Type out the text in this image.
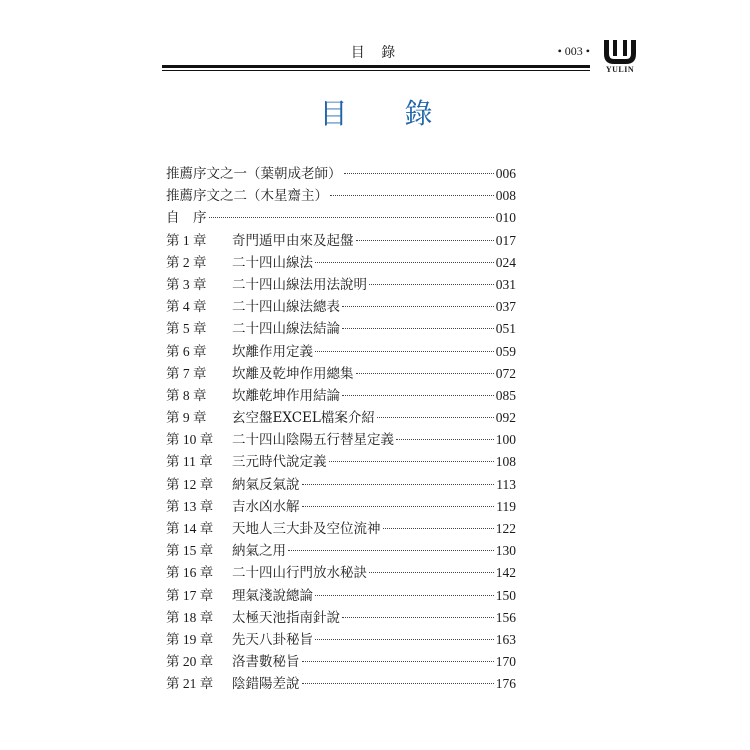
目 錄	• 003 •
YULIN
目 錄
推薦序文之一（葉朝成老師）	006
推薦序文之二（木星齋主）	008
自　序	010
第 1 章	奇門遁甲由來及起盤	017
第 2 章	二十四山線法	024
第 3 章	二十四山線法用法說明	031
第 4 章	二十四山線法總表	037
第 5 章	二十四山線法結論	051
第 6 章	坎離作用定義	059
第 7 章	坎離及乾坤作用總集	072
第 8 章	坎離乾坤作用結論	085
第 9 章	玄空盤EXCEL檔案介紹	092
第 10 章	二十四山陰陽五行替星定義	100
第 11 章	三元時代說定義	108
第 12 章	納氣反氣說	113
第 13 章	吉水凶水解	119
第 14 章	天地人三大卦及空位流神	122
第 15 章	納氣之用	130
第 16 章	二十四山行門放水秘訣	142
第 17 章	理氣淺說總論	150
第 18 章	太極天池指南針說	156
第 19 章	先天八卦秘旨	163
第 20 章	洛書數秘旨	170
第 21 章	陰錯陽差說	176
